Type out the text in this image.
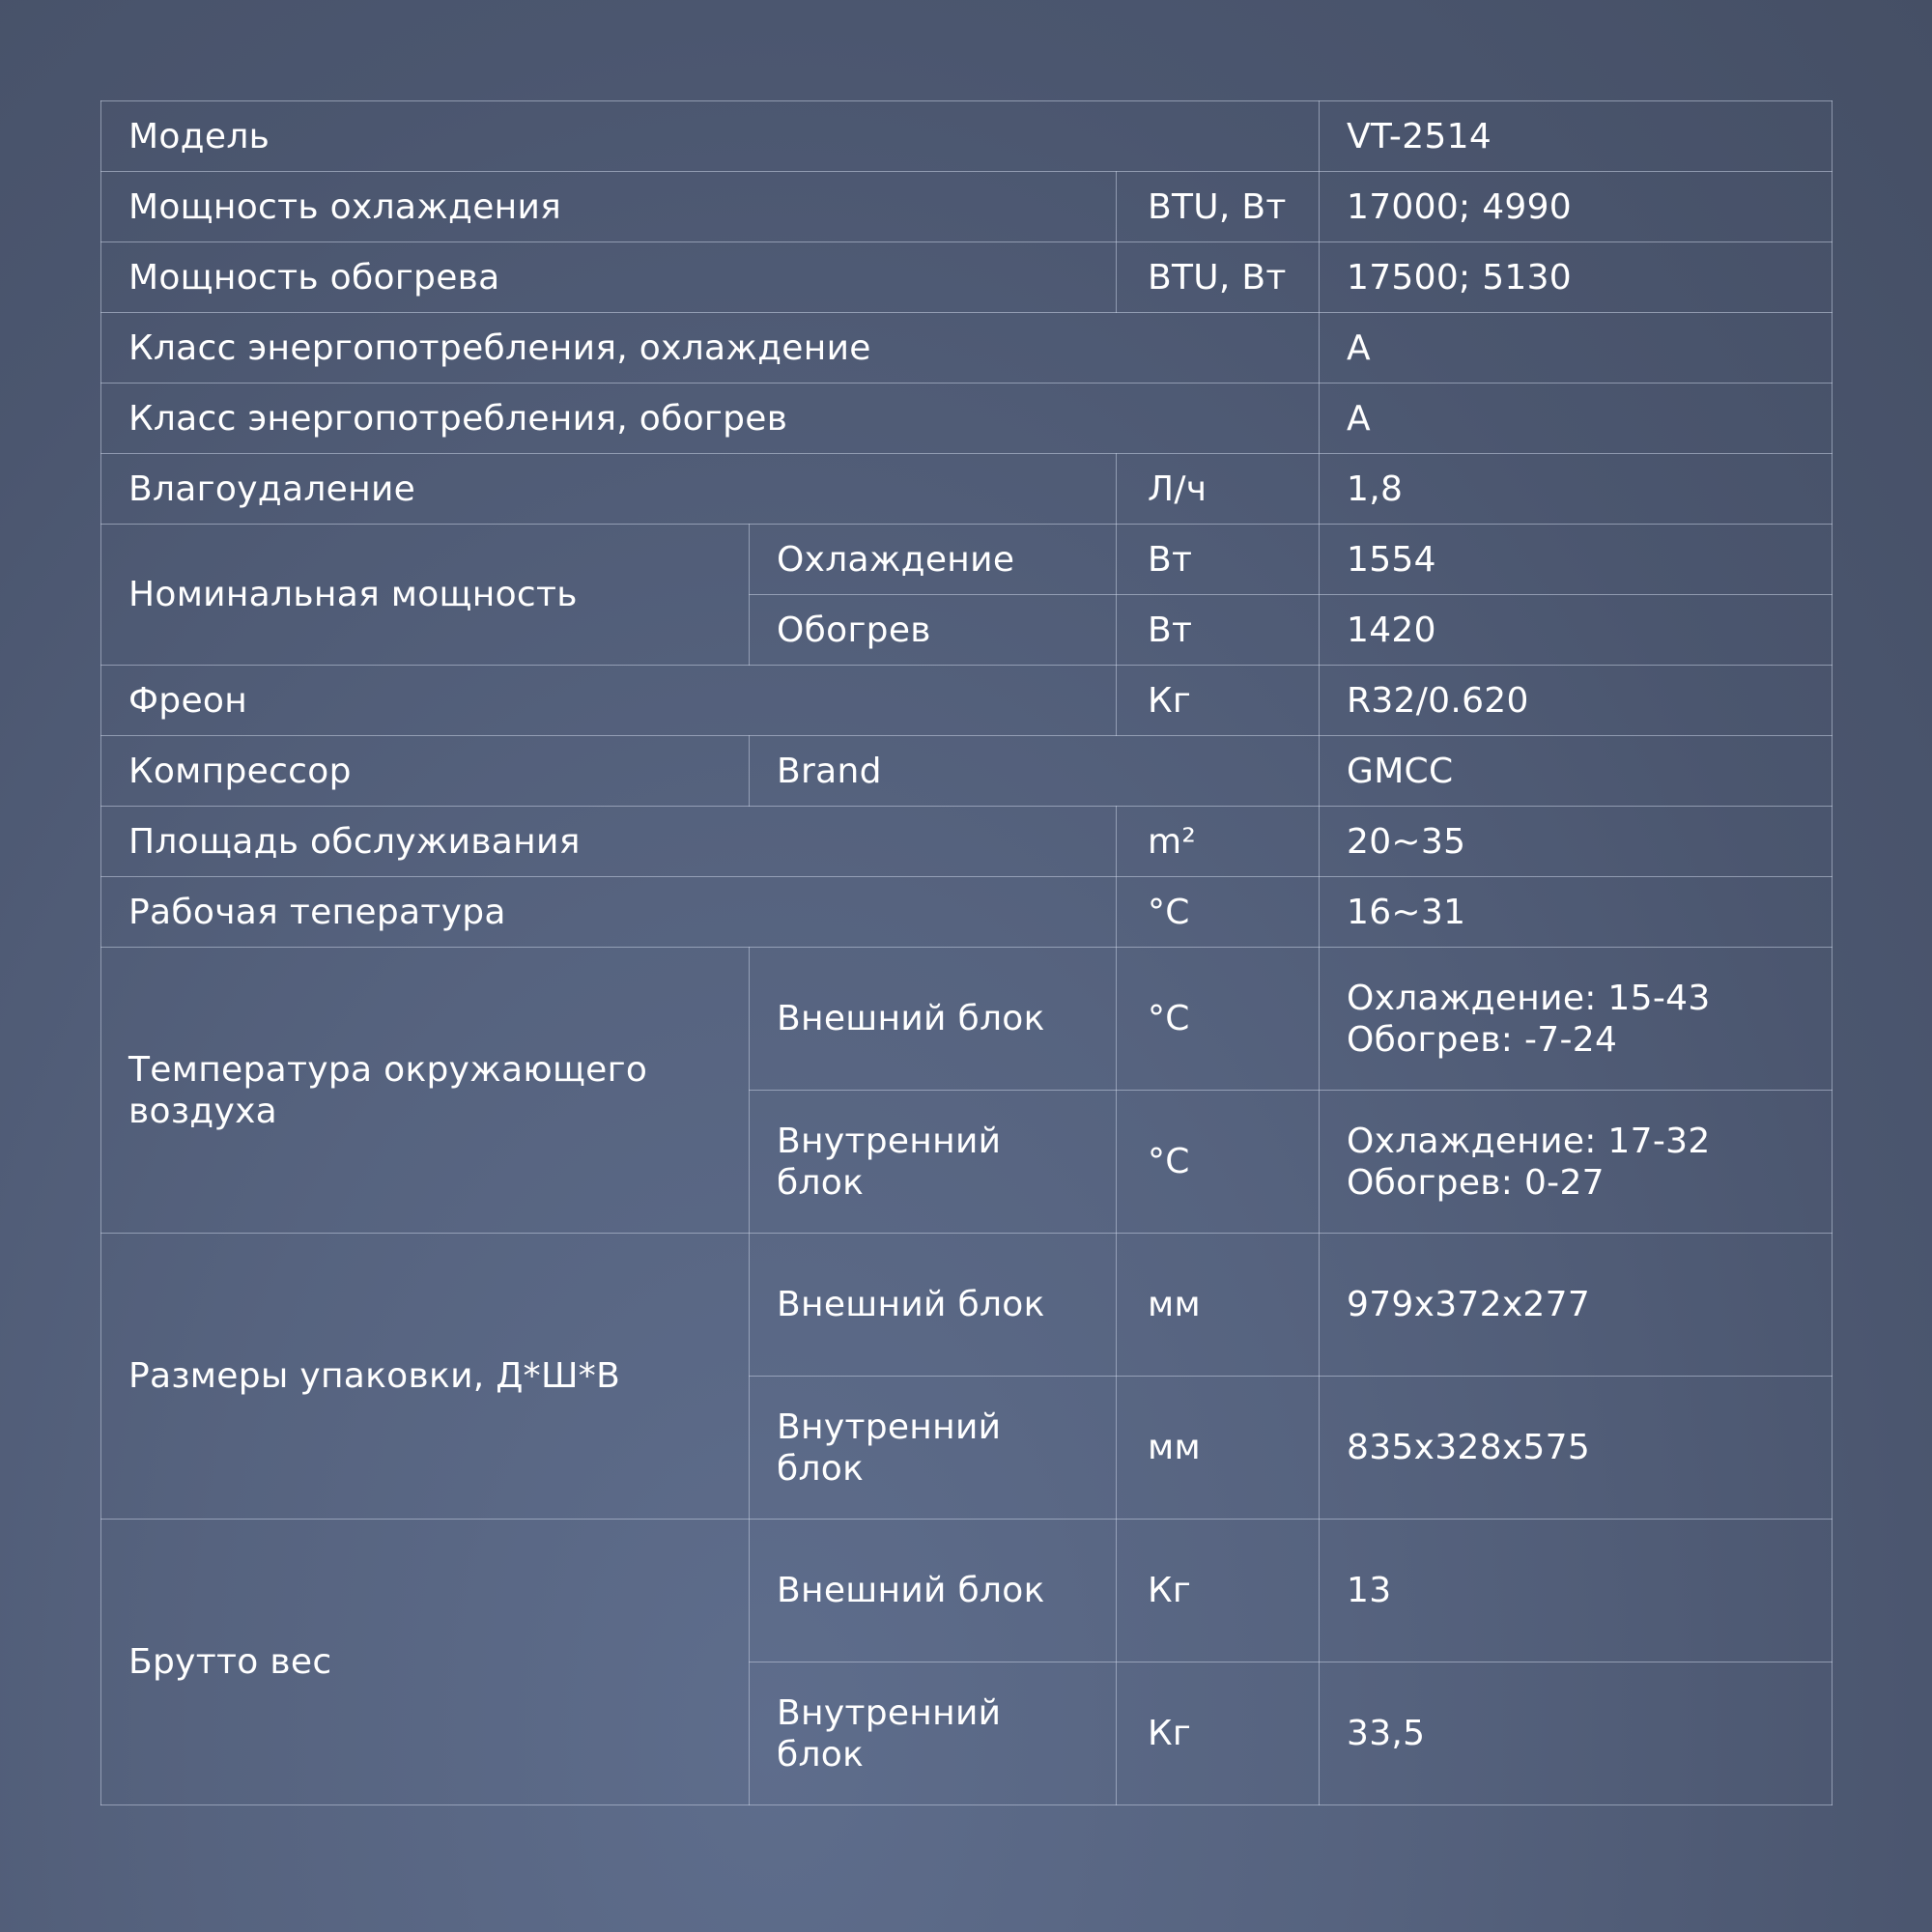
Модель			VT-2514
Мощность охлаждения		BTU, Вт	17000; 4990
Мощность обогрева		BTU, Вт	17500; 5130
Класс энергопотребления, охлаждение			A
Класс энергопотребления, обогрев			A
Влагоудаление		Л/ч	1,8
Номинальная мощность	Охлаждение	Вт	1554
	Обогрев	Вт	1420
Фреон		Кг	R32/0.620
Компрессор	Brand		GMCC
Площадь обслуживания		m²	20~35
Рабочая тепература		°C	16~31
Температура окружающего воздуха	Внешний блок	°C	Охлаждение: 15-43
Обогрев: -7-24

	Внутренний блок	°C	Охлаждение: 17-32
Обогрев: 0-27

Размеры упаковки, Д*Ш*В	Внешний блок	мм	979x372x277
	Внутренний блок	мм	835x328x575
Брутто вес	Внешний блок	Кг	13
	Внутренний блок	Кг	33,5
